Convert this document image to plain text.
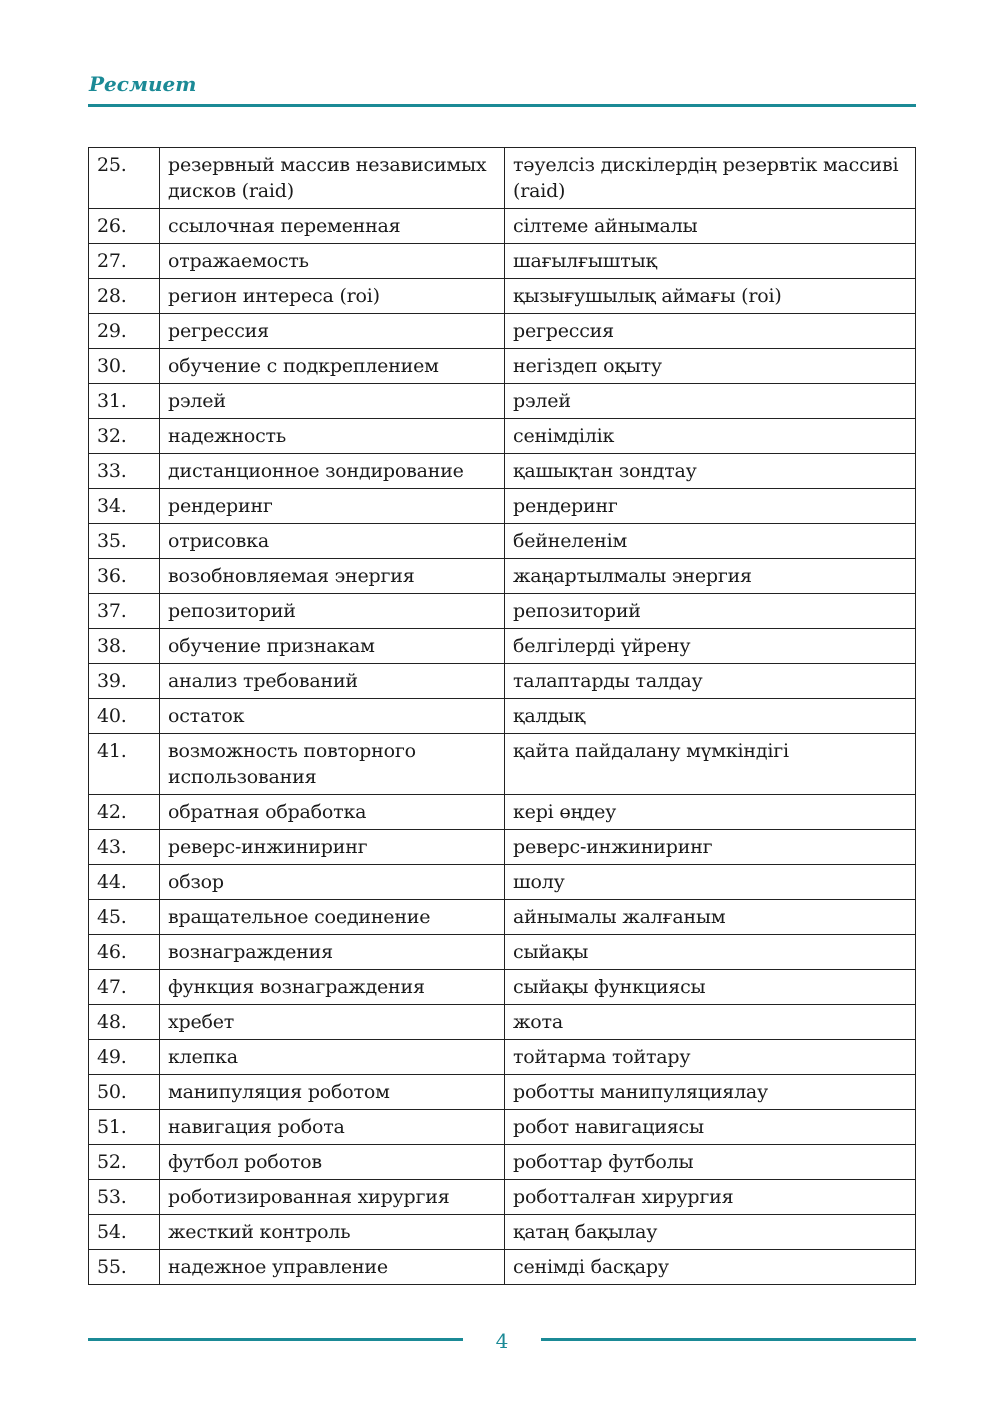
Ресмиет
25.	резервный массив независимых дисков (raid)	тәуелсіз дискілердің резервтік массиві (raid)
26.	ссылочная переменная	сілтеме айнымалы
27.	отражаемость	шағылғыштық
28.	регион интереса (roi)	қызығушылық аймағы (roi)
29.	регрессия	регрессия
30.	обучение с подкреплением	негіздеп оқыту
31.	рэлей	рэлей
32.	надежность	сенімділік
33.	дистанционное зондирование	қашықтан зондтау
34.	рендеринг	рендеринг
35.	отрисовка	бейнеленім
36.	возобновляемая энергия	жаңартылмалы энергия
37.	репозиторий	репозиторий
38.	обучение признакам	белгілерді үйрену
39.	анализ требований	талаптарды талдау
40.	остаток	қалдық
41.	возможность повторного использования	қайта пайдалану мүмкіндігі
42.	обратная обработка	кері өңдеу
43.	реверс-инжиниринг	реверс-инжиниринг
44.	обзор	шолу
45.	вращательное соединение	айнымалы жалғаным
46.	вознаграждения	сыйақы
47.	функция вознаграждения	сыйақы функциясы
48.	хребет	жота
49.	клепка	тойтарма тойтару
50.	манипуляция роботом	роботты манипуляциялау
51.	навигация робота	робот навигациясы
52.	футбол роботов	роботтар футболы
53.	роботизированная хирургия	роботталған хирургия
54.	жесткий контроль	қатаң бақылау
55.	надежное управление	сенімді басқару
4
